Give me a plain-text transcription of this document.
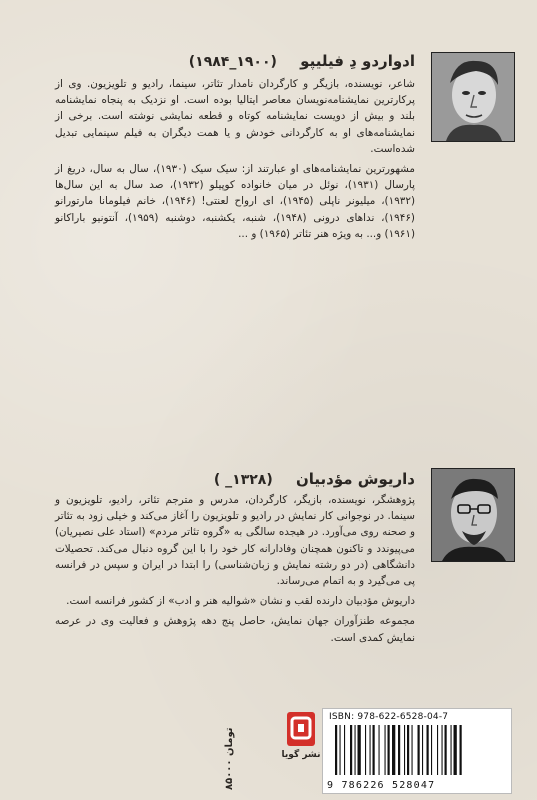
ادواردو دِ فیلیپو (۱۹۰۰_۱۹۸۴)

شاعر، نویسنده، بازیگر و کارگردان نامدار تئاتر، سینما، رادیو و تلویزیون. وی از پرکارترین نمایشنامه‌نویسان معاصر ایتالیا بوده است. او نزدیک به پنجاه نمایشنامه بلند و بیش از دویست نمایشنامه کوتاه و قطعه نمایشی نوشته است. برخی از نمایشنامه‌های او به کارگردانی خودش و یا همت دیگران به فیلم سینمایی تبدیل شده‌است.

مشهورترین نمایشنامه‌های او عبارتند از: سیک سیک (۱۹۳۰)، سال به سال، دریغ از پارسال (۱۹۳۱)، نوئل در میان خانواده کوپیلو (۱۹۳۲)، صد سال به این سال‌ها (۱۹۳۲)، میلیونر ناپلی (۱۹۴۵)، ای ارواح لعنتی! (۱۹۴۶)، خانم فیلومانا مارتورانو (۱۹۴۶)، نداهای درونی (۱۹۴۸)، شنبه، یکشنبه، دوشنبه (۱۹۵۹)، آنتونیو باراکانو (۱۹۶۱) و... به ویژه هنر تئاتر (۱۹۶۵) و ...

داریوش مؤدبیان (۱۳۲۸_ )

پژوهشگر، نویسنده، بازیگر، کارگردان، مدرس و مترجم تئاتر، رادیو، تلویزیون و سینما. در نوجوانی کار نمایش در رادیو و تلویزیون را آغاز می‌کند و خیلی زود به تئاتر و صحنه روی می‌آورد. در هیجده سالگی به «گروه تئاتر مردم» (استاد علی نصیریان) می‌پیوندد و تاکنون همچنان وفادارانه کار خود را با این گروه دنبال می‌کند. تحصیلات دانشگاهی (در دو رشته نمایش و زبان‌شناسی) را ابتدا در ایران و سپس در فرانسه پی می‌گیرد و به اتمام می‌رساند.

داریوش مؤدبیان دارنده لقب و نشان «شوالیه هنر و ادب» از کشور فرانسه است.

مجموعه طنزآوران جهان نمایش، حاصل پنج دهه پژوهش و فعالیت وی در عرصه نمایش کمدی است.

۸۵۰۰۰ تومان	نشر گویا
ISBN: 978-622-6528-04-7
9 786226 528047
